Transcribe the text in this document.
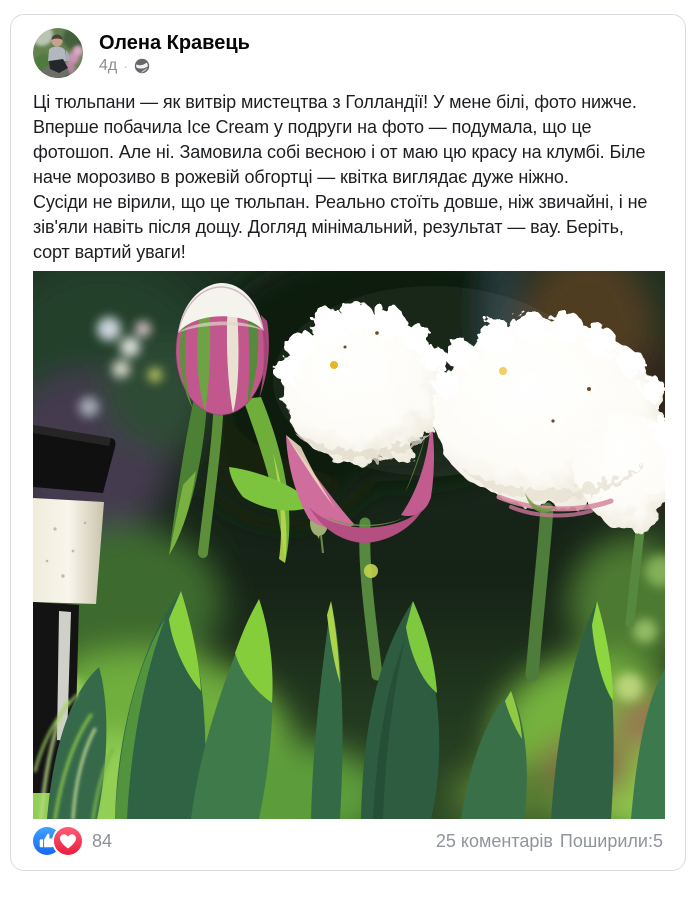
Олена Кравець
4д ·

Ці тюльпани — як витвір мистецтва з Голландії! У мене білі, фото нижче. Вперше побачила Ice Cream у подруги на фото — подумала, що це фотошоп. Але ні. Замовила собі весною і от маю цю красу на клумбі. Біле наче морозиво в рожевій обгортці — квітка виглядає дуже ніжно.

Сусіди не вірили, що це тюльпан. Реально стоїть довше, ніж звичайні, і не зів'яли навіть після дощу. Догляд мінімальний, результат — вау. Беріть, сорт вартий уваги!

84	25 коментарів Поширили:5
